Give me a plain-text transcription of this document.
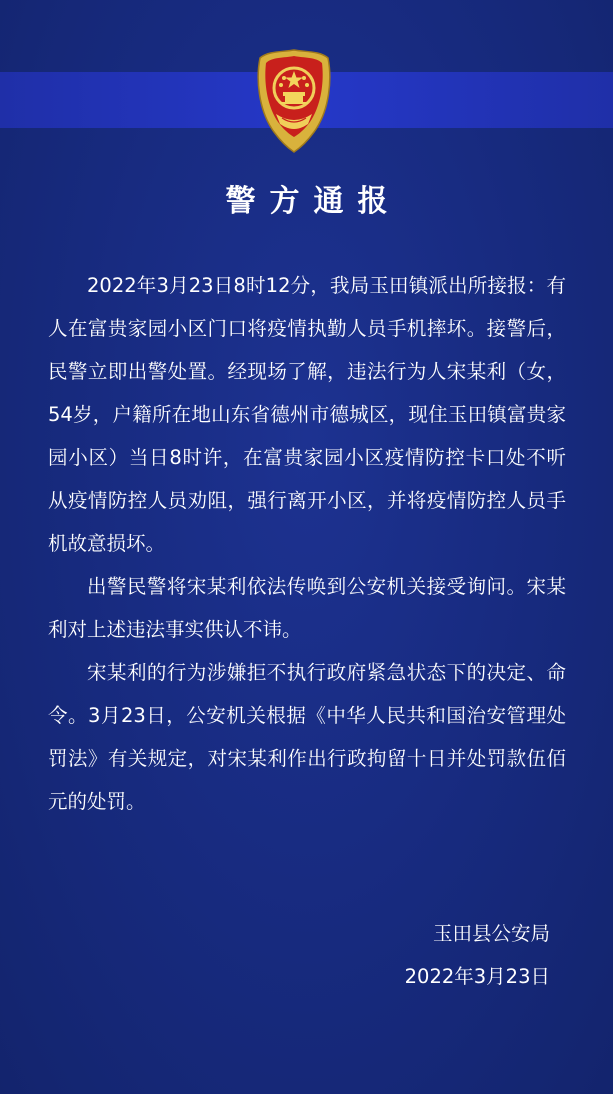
警方通报

2022年3月23日8时12分，我局玉田镇派出所接报：有人在富贵家园小区门口将疫情执勤人员手机摔坏。接警后，民警立即出警处置。经现场了解，违法行为人宋某利（女，54岁，户籍所在地山东省德州市德城区，现住玉田镇富贵家园小区）当日8时许，在富贵家园小区疫情防控卡口处不听从疫情防控人员劝阻，强行离开小区，并将疫情防控人员手机故意损坏。

出警民警将宋某利依法传唤到公安机关接受询问。宋某利对上述违法事实供认不讳。

宋某利的行为涉嫌拒不执行政府紧急状态下的决定、命令。3月23日，公安机关根据《中华人民共和国治安管理处罚法》有关规定，对宋某利作出行政拘留十日并处罚款伍佰元的处罚。

玉田县公安局
2022年3月23日
